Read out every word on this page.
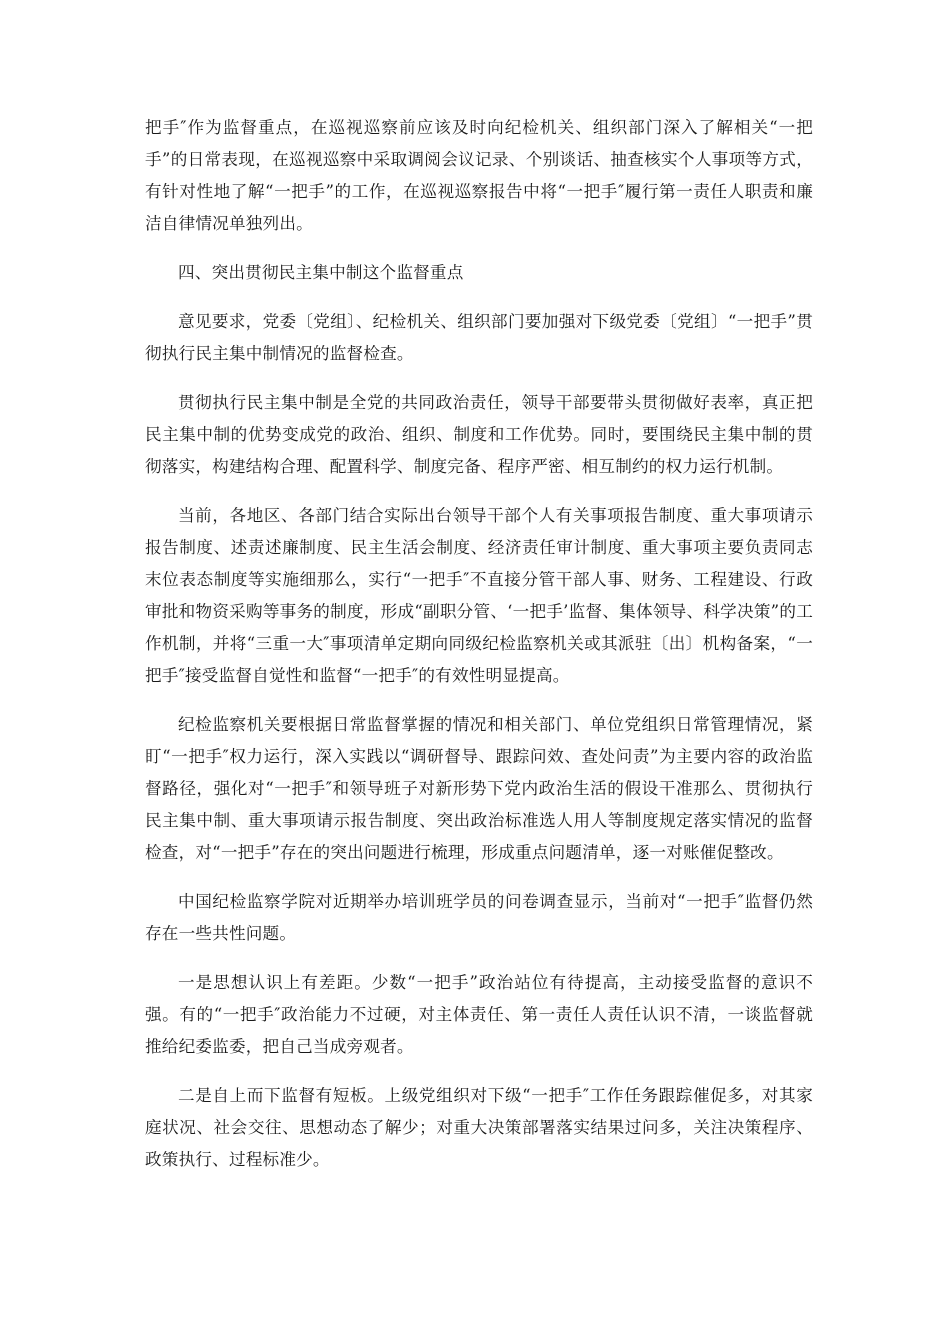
把手″作为监督重点，在巡视巡察前应该及时向纪检机关、组织部门深入了解相关“一把手”的日常表现，在巡视巡察中采取调阅会议记录、个别谈话、抽查核实个人事项等方式，有针对性地了解“一把手”的工作，在巡视巡察报告中将“一把手″履行第一责任人职责和廉洁自律情况单独列出。

四、突出贯彻民主集中制这个监督重点

意见要求，党委〔党组〕、纪检机关、组织部门要加强对下级党委〔党组〕“一把手”贯彻执行民主集中制情况的监督检查。

贯彻执行民主集中制是全党的共同政治责任，领导干部要带头贯彻做好表率，真正把民主集中制的优势变成党的政治、组织、制度和工作优势。同时，要围绕民主集中制的贯彻落实，构建结构合理、配置科学、制度完备、程序严密、相互制约的权力运行机制。

当前，各地区、各部门结合实际出台领导干部个人有关事项报告制度、重大事项请示报告制度、述责述廉制度、民主生活会制度、经济责任审计制度、重大事项主要负责同志末位表态制度等实施细那么，实行“一把手″不直接分管干部人事、财务、工程建设、行政审批和物资采购等事务的制度，形成“副职分管、‘一把手’监督、集体领导、科学决策”的工作机制，并将“三重一大″事项清单定期向同级纪检监察机关或其派驻〔出〕机构备案，“一把手″接受监督自觉性和监督“一把手″的有效性明显提高。

纪检监察机关要根据日常监督掌握的情况和相关部门、单位党组织日常管理情况，紧盯“一把手″权力运行，深入实践以“调研督导、跟踪问效、查处问责”为主要内容的政治监督路径，强化对“一把手″和领导班子对新形势下党内政治生活的假设干准那么、贯彻执行民主集中制、重大事项请示报告制度、突出政治标准选人用人等制度规定落实情况的监督检查，对“一把手”存在的突出问题进行梳理，形成重点问题清单，逐一对账催促整改。

中国纪检监察学院对近期举办培训班学员的问卷调查显示，当前对“一把手″监督仍然存在一些共性问题。

一是思想认识上有差距。少数“一把手”政治站位有待提高，主动接受监督的意识不强。有的“一把手″政治能力不过硬，对主体责任、第一责任人责任认识不清，一谈监督就推给纪委监委，把自己当成旁观者。

二是自上而下监督有短板。上级党组织对下级“一把手″工作任务跟踪催促多，对其家庭状况、社会交往、思想动态了解少；对重大决策部署落实结果过问多，关注决策程序、政策执行、过程标准少。
